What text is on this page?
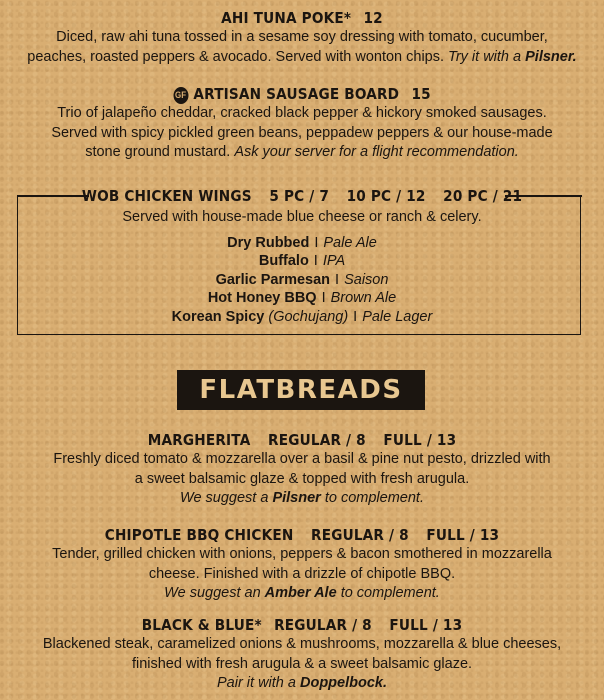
AHI TUNA POKE* 12
Diced, raw ahi tuna tossed in a sesame soy dressing with tomato, cucumber,
peaches, roasted peppers & avocado. Served with wonton chips. Try it with a Pilsner.
GF ARTISAN SAUSAGE BOARD 15
Trio of jalapeño cheddar, cracked black pepper & hickory smoked sausages.
Served with spicy pickled green beans, peppadew peppers & our house-made
stone ground mustard. Ask your server for a flight recommendation.
WOB CHICKEN WINGS 5 PC / 7 10 PC / 12 20 PC / 21
Served with house-made blue cheese or ranch & celery.
Dry Rubbed I Pale Ale
Buffalo I IPA
Garlic Parmesan I Saison
Hot Honey BBQ I Brown Ale
Korean Spicy (Gochujang) I Pale Lager
FLATBREADS
MARGHERITA REGULAR / 8 FULL / 13
Freshly diced tomato & mozzarella over a basil & pine nut pesto, drizzled with
a sweet balsamic glaze & topped with fresh arugula.
We suggest a Pilsner to complement.
CHIPOTLE BBQ CHICKEN REGULAR / 8 FULL / 13
Tender, grilled chicken with onions, peppers & bacon smothered in mozzarella
cheese. Finished with a drizzle of chipotle BBQ.
We suggest an Amber Ale to complement.
BLACK & BLUE* REGULAR / 8 FULL / 13
Blackened steak, caramelized onions & mushrooms, mozzarella & blue cheeses,
finished with fresh arugula & a sweet balsamic glaze.
Pair it with a Doppelbock.
